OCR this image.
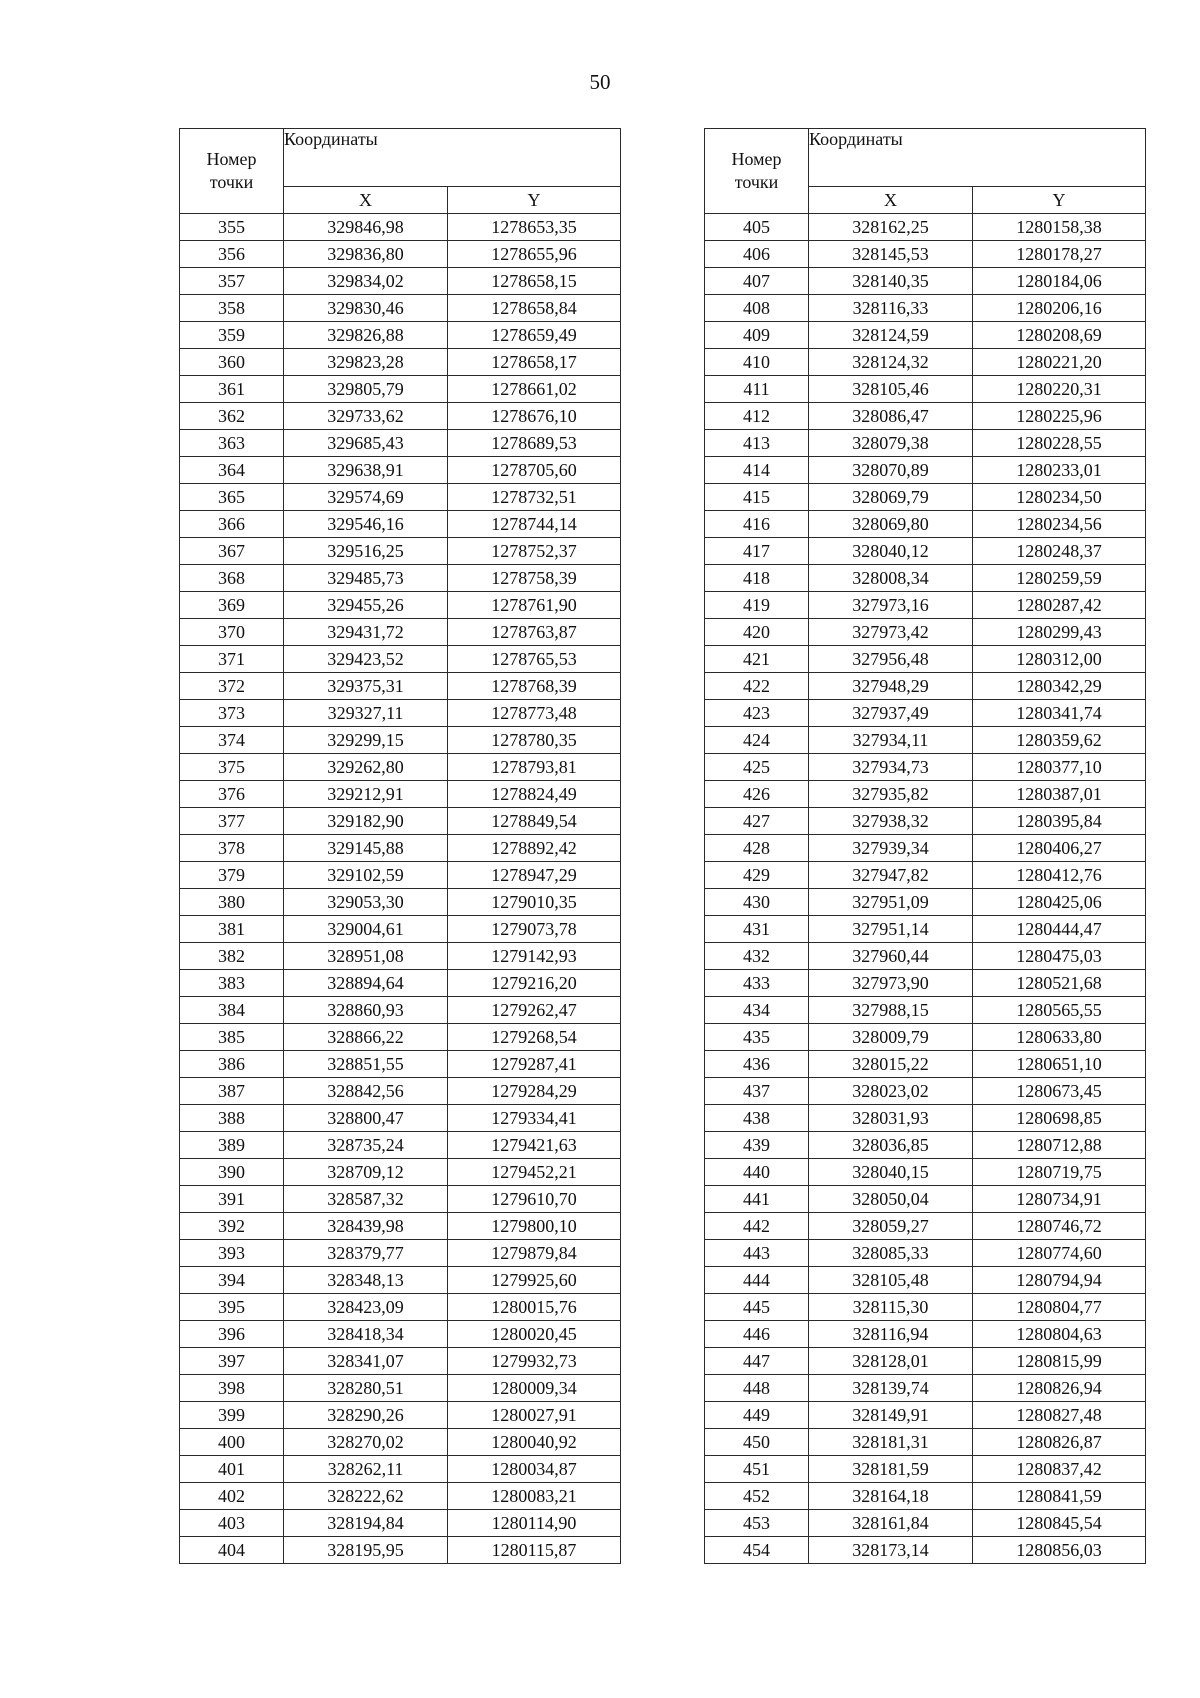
50
Номер
точки	Координаты	
	X	Y
355	329846,98	1278653,35
356	329836,80	1278655,96
357	329834,02	1278658,15
358	329830,46	1278658,84
359	329826,88	1278659,49
360	329823,28	1278658,17
361	329805,79	1278661,02
362	329733,62	1278676,10
363	329685,43	1278689,53
364	329638,91	1278705,60
365	329574,69	1278732,51
366	329546,16	1278744,14
367	329516,25	1278752,37
368	329485,73	1278758,39
369	329455,26	1278761,90
370	329431,72	1278763,87
371	329423,52	1278765,53
372	329375,31	1278768,39
373	329327,11	1278773,48
374	329299,15	1278780,35
375	329262,80	1278793,81
376	329212,91	1278824,49
377	329182,90	1278849,54
378	329145,88	1278892,42
379	329102,59	1278947,29
380	329053,30	1279010,35
381	329004,61	1279073,78
382	328951,08	1279142,93
383	328894,64	1279216,20
384	328860,93	1279262,47
385	328866,22	1279268,54
386	328851,55	1279287,41
387	328842,56	1279284,29
388	328800,47	1279334,41
389	328735,24	1279421,63
390	328709,12	1279452,21
391	328587,32	1279610,70
392	328439,98	1279800,10
393	328379,77	1279879,84
394	328348,13	1279925,60
395	328423,09	1280015,76
396	328418,34	1280020,45
397	328341,07	1279932,73
398	328280,51	1280009,34
399	328290,26	1280027,91
400	328270,02	1280040,92
401	328262,11	1280034,87
402	328222,62	1280083,21
403	328194,84	1280114,90
404	328195,95	1280115,87
Номер
точки	Координаты	
	X	Y
405	328162,25	1280158,38
406	328145,53	1280178,27
407	328140,35	1280184,06
408	328116,33	1280206,16
409	328124,59	1280208,69
410	328124,32	1280221,20
411	328105,46	1280220,31
412	328086,47	1280225,96
413	328079,38	1280228,55
414	328070,89	1280233,01
415	328069,79	1280234,50
416	328069,80	1280234,56
417	328040,12	1280248,37
418	328008,34	1280259,59
419	327973,16	1280287,42
420	327973,42	1280299,43
421	327956,48	1280312,00
422	327948,29	1280342,29
423	327937,49	1280341,74
424	327934,11	1280359,62
425	327934,73	1280377,10
426	327935,82	1280387,01
427	327938,32	1280395,84
428	327939,34	1280406,27
429	327947,82	1280412,76
430	327951,09	1280425,06
431	327951,14	1280444,47
432	327960,44	1280475,03
433	327973,90	1280521,68
434	327988,15	1280565,55
435	328009,79	1280633,80
436	328015,22	1280651,10
437	328023,02	1280673,45
438	328031,93	1280698,85
439	328036,85	1280712,88
440	328040,15	1280719,75
441	328050,04	1280734,91
442	328059,27	1280746,72
443	328085,33	1280774,60
444	328105,48	1280794,94
445	328115,30	1280804,77
446	328116,94	1280804,63
447	328128,01	1280815,99
448	328139,74	1280826,94
449	328149,91	1280827,48
450	328181,31	1280826,87
451	328181,59	1280837,42
452	328164,18	1280841,59
453	328161,84	1280845,54
454	328173,14	1280856,03
